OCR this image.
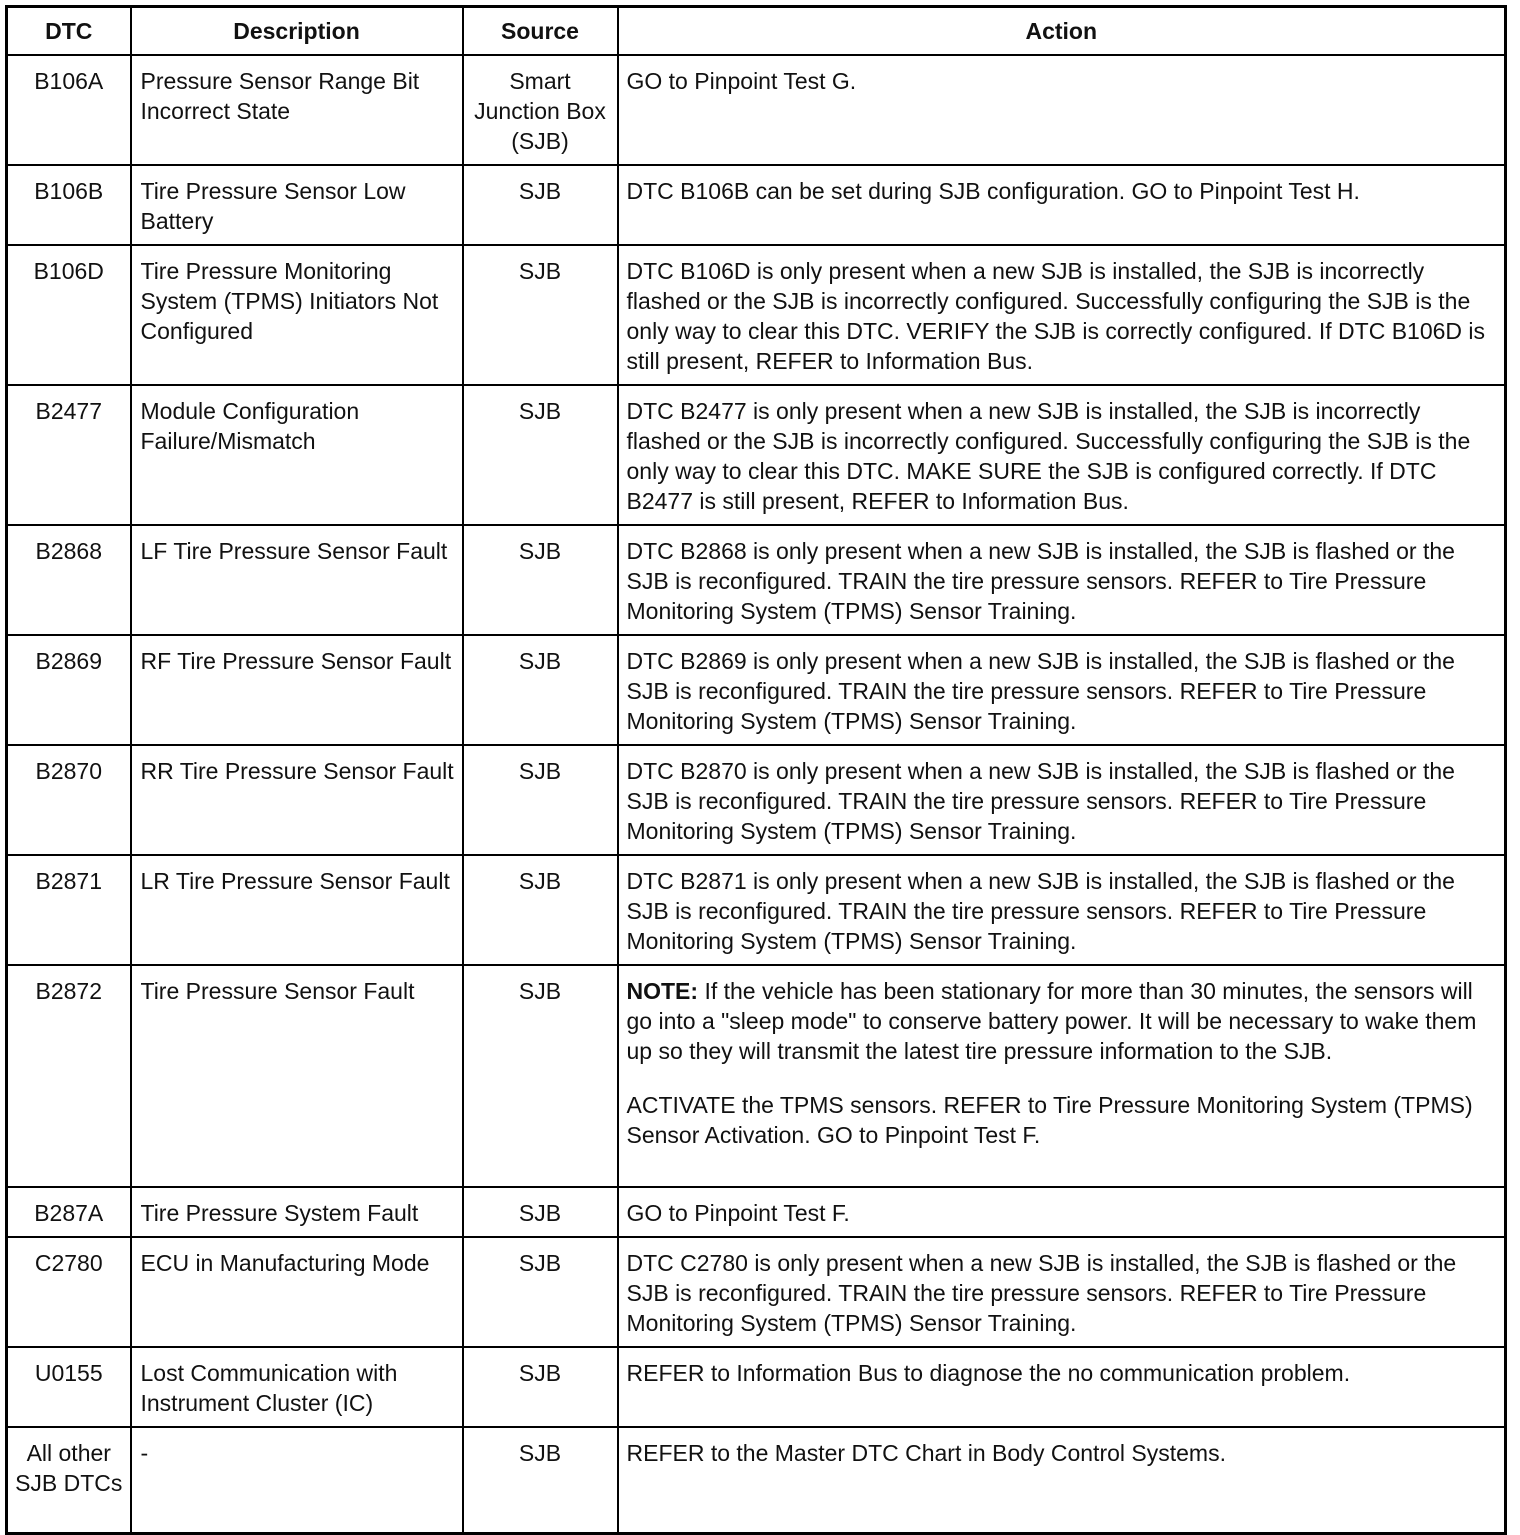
DTC	Description	Source	Action
B106A	Pressure Sensor Range Bit Incorrect State	Smart Junction Box (SJB)	GO to Pinpoint Test G.
B106B	Tire Pressure Sensor Low Battery	SJB	DTC B106B can be set during SJB configuration. GO to Pinpoint Test H.
B106D	Tire Pressure Monitoring System (TPMS) Initiators Not Configured	SJB	DTC B106D is only present when a new SJB is installed, the SJB is incorrectly flashed or the SJB is incorrectly configured. Successfully configuring the SJB is the only way to clear this DTC. VERIFY the SJB is correctly configured. If DTC B106D is still present, REFER to Information Bus.
B2477	Module Configuration Failure/Mismatch	SJB	DTC B2477 is only present when a new SJB is installed, the SJB is incorrectly flashed or the SJB is incorrectly configured. Successfully configuring the SJB is the only way to clear this DTC. MAKE SURE the SJB is configured correctly. If DTC B2477 is still present, REFER to Information Bus.
B2868	LF Tire Pressure Sensor Fault	SJB	DTC B2868 is only present when a new SJB is installed, the SJB is flashed or the SJB is reconfigured. TRAIN the tire pressure sensors. REFER to Tire Pressure Monitoring System (TPMS) Sensor Training.
B2869	RF Tire Pressure Sensor Fault	SJB	DTC B2869 is only present when a new SJB is installed, the SJB is flashed or the SJB is reconfigured. TRAIN the tire pressure sensors. REFER to Tire Pressure Monitoring System (TPMS) Sensor Training.
B2870	RR Tire Pressure Sensor Fault	SJB	DTC B2870 is only present when a new SJB is installed, the SJB is flashed or the SJB is reconfigured. TRAIN the tire pressure sensors. REFER to Tire Pressure Monitoring System (TPMS) Sensor Training.
B2871	LR Tire Pressure Sensor Fault	SJB	DTC B2871 is only present when a new SJB is installed, the SJB is flashed or the SJB is reconfigured. TRAIN the tire pressure sensors. REFER to Tire Pressure Monitoring System (TPMS) Sensor Training.
B2872	Tire Pressure Sensor Fault	SJB	NOTE: If the vehicle has been stationary for more than 30 minutes, the sensors will go into a "sleep mode" to conserve battery power. It will be necessary to wake them up so they will transmit the latest tire pressure information to the SJB.
ACTIVATE the TPMS sensors. REFER to Tire Pressure Monitoring System (TPMS) Sensor Activation. GO to Pinpoint Test F.

B287A	Tire Pressure System Fault	SJB	GO to Pinpoint Test F.
C2780	ECU in Manufacturing Mode	SJB	DTC C2780 is only present when a new SJB is installed, the SJB is flashed or the SJB is reconfigured. TRAIN the tire pressure sensors. REFER to Tire Pressure Monitoring System (TPMS) Sensor Training.
U0155	Lost Communication with Instrument Cluster (IC)	SJB	REFER to Information Bus to diagnose the no communication problem.
All other SJB DTCs	-	SJB	REFER to the Master DTC Chart in Body Control Systems.
